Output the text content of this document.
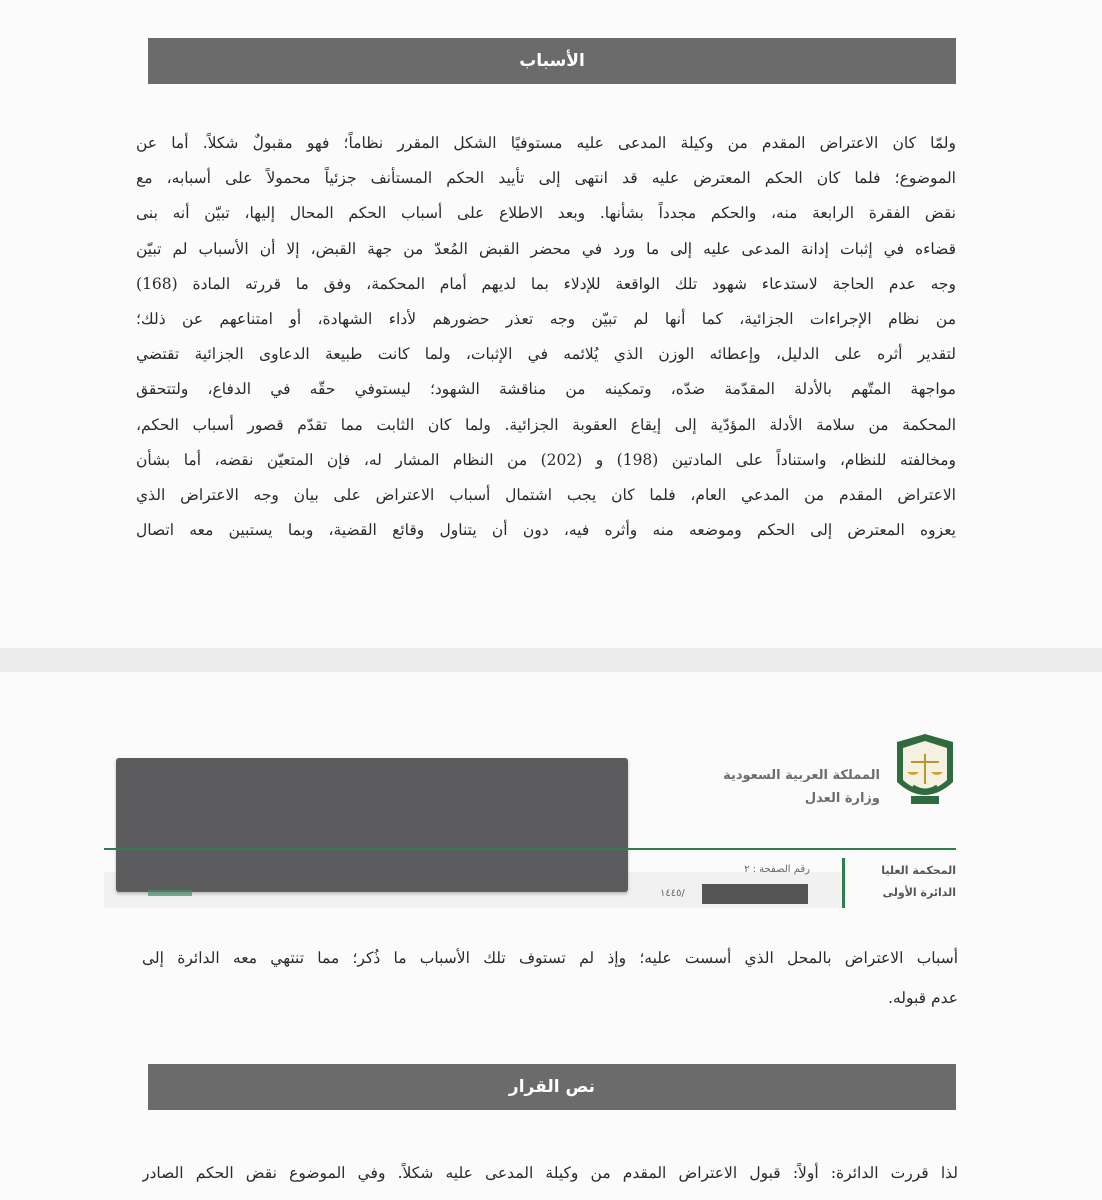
الأسباب
ولمّا كان الاعتراض المقدم من وكيلة المدعى عليه مستوفيًا الشكل المقرر نظاماً؛ فهو مقبولٌ شكلاً. أما عن
الموضوع؛ فلما كان الحكم المعترض عليه قد انتهى إلى تأييد الحكم المستأنف جزئياً محمولاً على أسبابه، مع
نقض الفقرة الرابعة منه، والحكم مجدداً بشأنها. وبعد الاطلاع على أسباب الحكم المحال إليها، تبيّن أنه بنى
قضاءه في إثبات إدانة المدعى عليه إلى ما ورد في محضر القبض المُعدّ من جهة القبض، إلا أن الأسباب لم تبيّن
وجه عدم الحاجة لاستدعاء شهود تلك الواقعة للإدلاء بما لديهم أمام المحكمة، وفق ما قررته المادة (168)
من نظام الإجراءات الجزائية، كما أنها لم تبيّن وجه تعذر حضورهم لأداء الشهادة، أو امتناعهم عن ذلك؛
لتقدير أثره على الدليل، وإعطائه الوزن الذي يُلائمه في الإثبات، ولما كانت طبيعة الدعاوى الجزائية تقتضي
مواجهة المتّهم بالأدلة المقدّمة ضدّه، وتمكينه من مناقشة الشهود؛ ليستوفي حقّه في الدفاع، ولتتحقق
المحكمة من سلامة الأدلة المؤدّية إلى إيقاع العقوبة الجزائية. ولما كان الثابت مما تقدّم قصور أسباب الحكم،
ومخالفته للنظام، واستناداً على المادتين (198) و (202) من النظام المشار له، فإن المتعيّن نقضه، أما بشأن
الاعتراض المقدم من المدعي العام، فلما كان يجب اشتمال أسباب الاعتراض على بيان وجه الاعتراض الذي
يعزوه المعترض إلى الحكم وموضعه منه وأثره فيه، دون أن يتناول وقائع القضية، وبما يستبين معه اتصال
المملكة العربية السعودية
وزارة العدل
المحكمة العليا
الدائرة الأولى
رقم الصفحة : ٢
١٤٤٥/
أسباب الاعتراض بالمحل الذي أسست عليه؛ وإذ لم تستوف تلك الأسباب ما ذُكر؛ مما تنتهي معه الدائرة إلى
عدم قبوله.
نص القرار
لذا قررت الدائرة: أولاً: قبول الاعتراض المقدم من وكيلة المدعى عليه شكلاً. وفي الموضوع نقض الحكم الصادر
